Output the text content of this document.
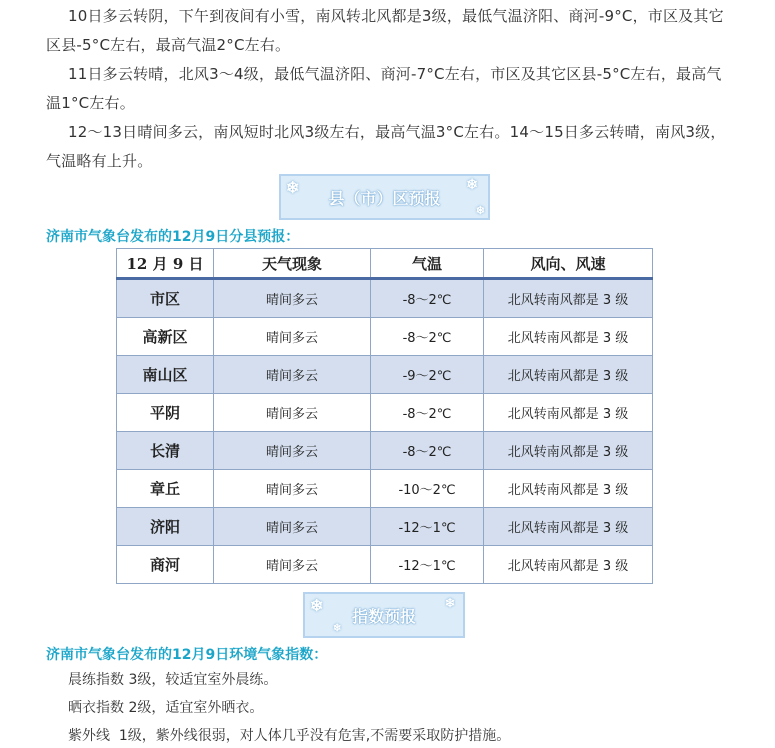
10日多云转阴，下午到夜间有小雪，南风转北风都是3级，最低气温济阳、商河-9°C，市区及其它区县-5°C左右，最高气温2°C左右。

11日多云转晴，北风3～4级，最低气温济阳、商河-7°C左右，市区及其它区县-5°C左右，最高气温1°C左右。

12～13日晴间多云，南风短时北风3级左右，最高气温3°C左右。14～15日多云转晴，南风3级，气温略有上升。

❄	❄
❄
县（市）区预报

济南市气象台发布的12月9日分县预报：

12 月 9 日	天气现象	气温	风向、风速
市区	晴间多云	-8～2℃	北风转南风都是 3 级
高新区	晴间多云	-8～2℃	北风转南风都是 3 级
南山区	晴间多云	-9～2℃	北风转南风都是 3 级
平阴	晴间多云	-8～2℃	北风转南风都是 3 级
长清	晴间多云	-8～2℃	北风转南风都是 3 级
章丘	晴间多云	-10～2℃	北风转南风都是 3 级
济阳	晴间多云	-12～1℃	北风转南风都是 3 级
商河	晴间多云	-12～1℃	北风转南风都是 3 级
❄
❄
❄
指数预报

济南市气象台发布的12月9日环境气象指数：

晨练指数 3级，较适宜室外晨练。

晒衣指数 2级，适宜室外晒衣。

紫外线  1级，紫外线很弱，对人体几乎没有危害,不需要采取防护措施。
